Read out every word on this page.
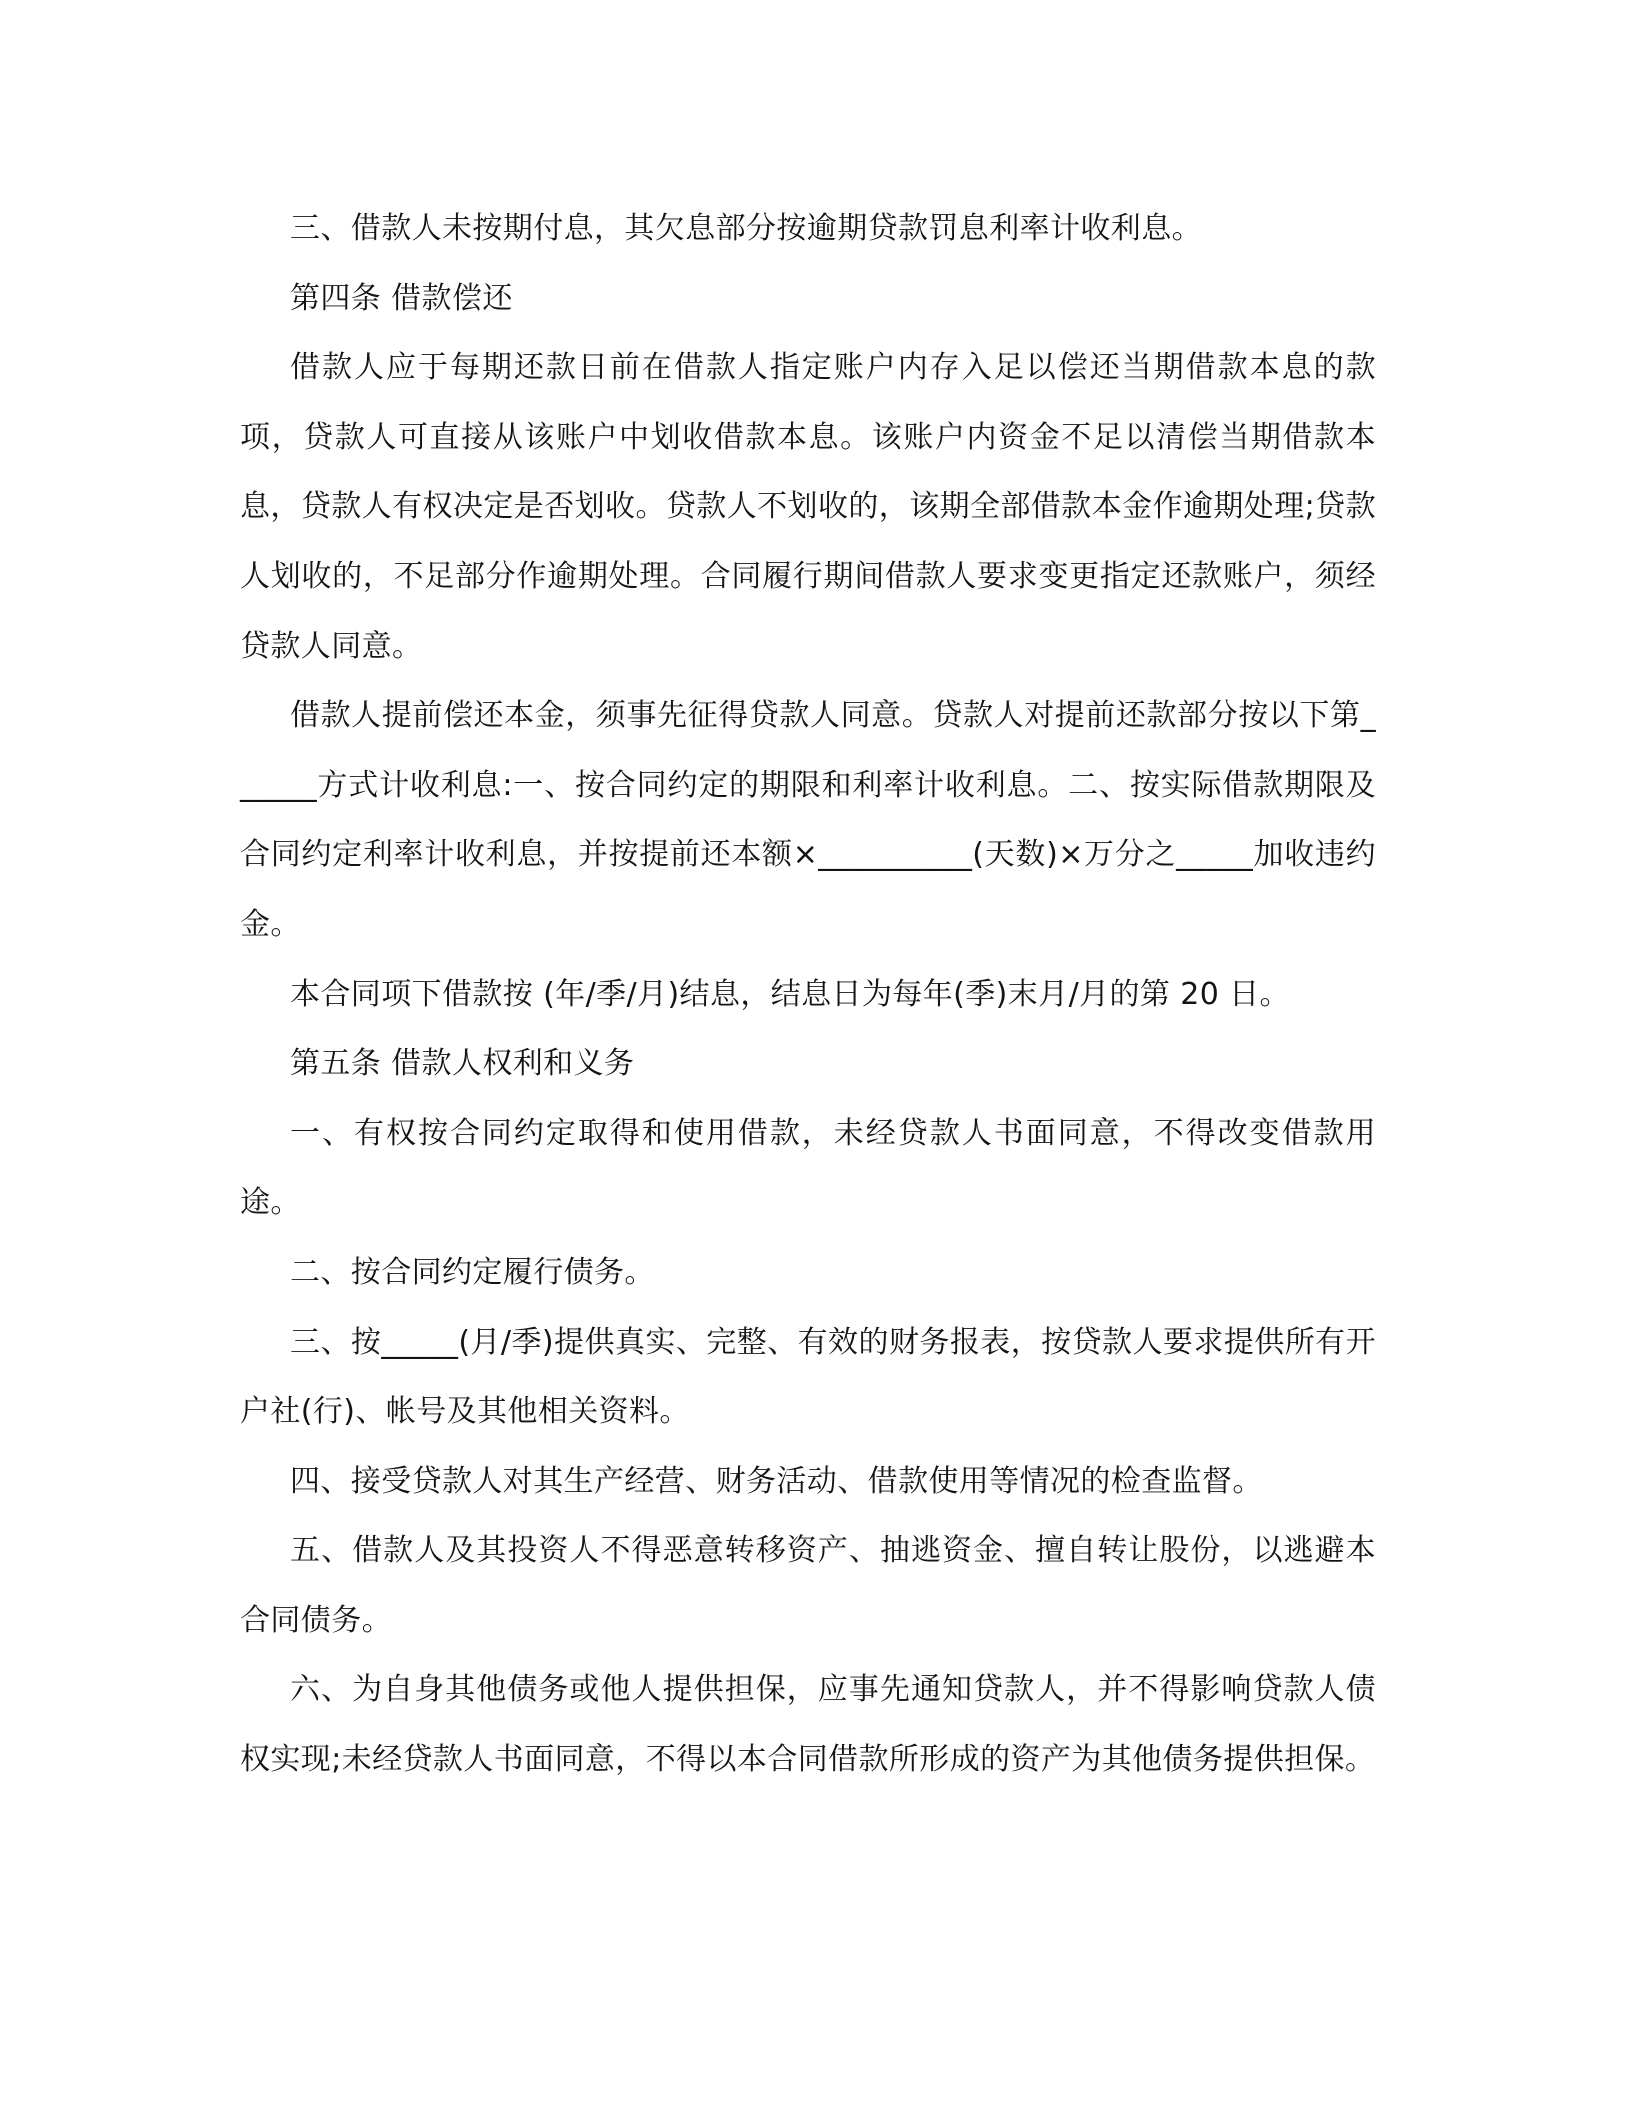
三、借款人未按期付息，其欠息部分按逾期贷款罚息利率计收利息。

第四条 借款偿还

借款人应于每期还款日前在借款人指定账户内存入足以偿还当期借款本息的款项，贷款人可直接从该账户中划收借款本息。该账户内资金不足以清偿当期借款本息，贷款人有权决定是否划收。贷款人不划收的，该期全部借款本金作逾期处理;贷款人划收的，不足部分作逾期处理。合同履行期间借款人要求变更指定还款账户，须经贷款人同意。

借款人提前偿还本金，须事先征得贷款人同意。贷款人对提前还款部分按以下第______方式计收利息:一、按合同约定的期限和利率计收利息。二、按实际借款期限及合同约定利率计收利息，并按提前还本额×__________(天数)×万分之_____加收违约金。

本合同项下借款按 (年/季/月)结息，结息日为每年(季)末月/月的第 20 日。

第五条 借款人权利和义务

一、有权按合同约定取得和使用借款，未经贷款人书面同意，不得改变借款用途。

二、按合同约定履行债务。

三、按_____(月/季)提供真实、完整、有效的财务报表，按贷款人要求提供所有开户社(行)、帐号及其他相关资料。

四、接受贷款人对其生产经营、财务活动、借款使用等情况的检查监督。

五、借款人及其投资人不得恶意转移资产、抽逃资金、擅自转让股份，以逃避本合同债务。

六、为自身其他债务或他人提供担保，应事先通知贷款人，并不得影响贷款人债权实现;未经贷款人书面同意，不得以本合同借款所形成的资产为其他债务提供担保。
